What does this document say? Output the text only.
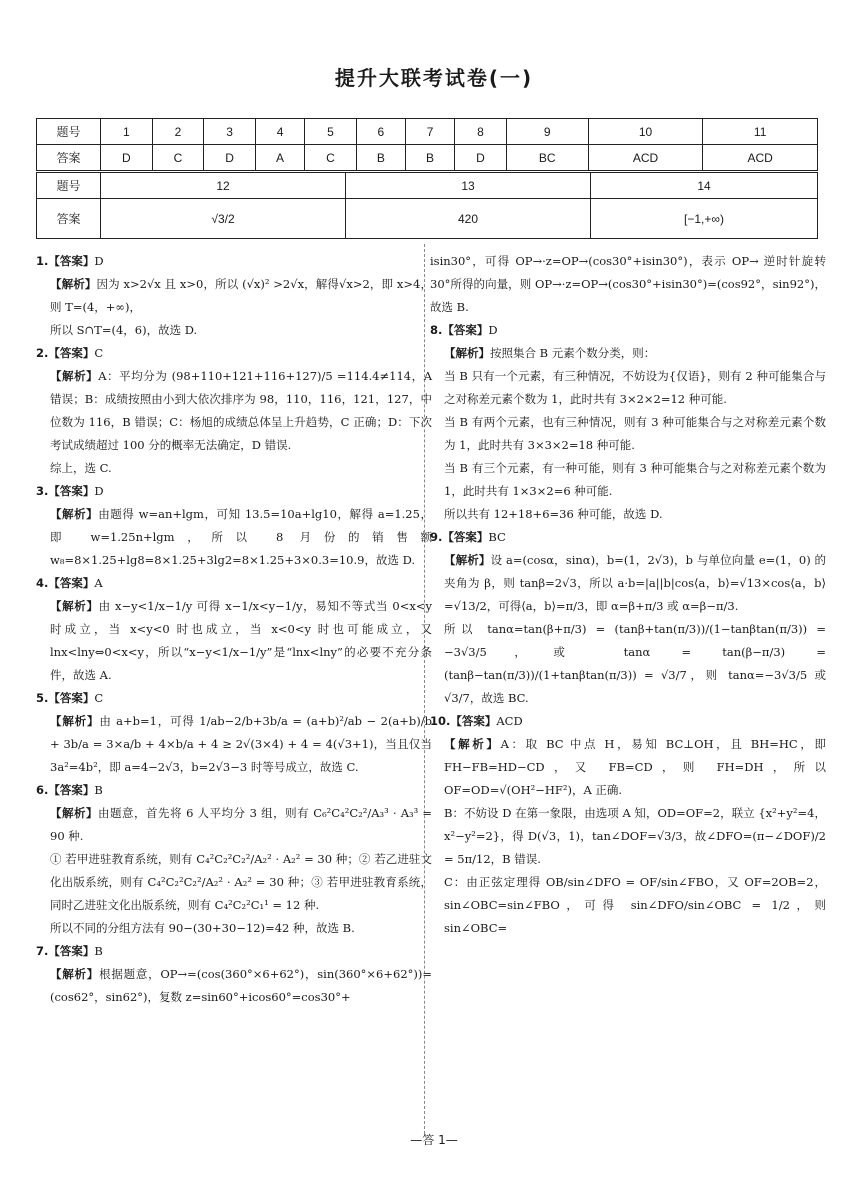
提升大联考试卷(一)
题号	1	2	3	4	5	6	7	8	9	10	11
答案	D	C	D	A	C	B	B	D	BC	ACD	ACD
题号	12	13	14
答案	√3/2	420	[−1,+∞)

1.【答案】D

【解析】因为 x>2√x 且 x>0，所以 (√x)² >2√x，解得√x>2，即 x>4，则 T=(4，+∞)，

所以 S∩T=(4，6)，故选 D.

2.【答案】C

【解析】A：平均分为 (98+110+121+116+127)/5 =114.4≠114，A 错误；B：成绩按照由小到大依次排序为 98，110，116，121，127，中位数为 116，B 错误；C：杨旭的成绩总体呈上升趋势，C 正确；D：下次考试成绩超过 100 分的概率无法确定，D 错误.

综上，选 C.

3.【答案】D

【解析】由题得 w=an+lgm，可知 13.5=10a+lg10，解得 a=1.25，即 w=1.25n+lgm，所以 8 月份的销售额 w₈=8×1.25+lg8=8×1.25+3lg2=8×1.25+3×0.3=10.9，故选 D.

4.【答案】A

【解析】由 x−y<1/x−1/y 可得 x−1/x<y−1/y，易知不等式当 0<x<y 时成立，当 x<y<0 时也成立，当 x<0<y 时也可能成立，又 lnx<lny⇔0<x<y，所以“x−y<1/x−1/y”是“lnx<lny”的必要不充分条件，故选 A.

5.【答案】C

【解析】由 a+b=1，可得 1/ab−2/b+3b/a = (a+b)²/ab − 2(a+b)/b + 3b/a = 3×a/b + 4×b/a + 4 ≥ 2√(3×4) + 4 = 4(√3+1)，当且仅当 3a²=4b²，即 a=4−2√3，b=2√3−3 时等号成立，故选 C.

6.【答案】B

【解析】由题意，首先将 6 人平均分 3 组，则有 C₆²C₄²C₂²/A₃³ · A₃³ = 90 种.

① 若甲进驻教育系统，则有 C₄²C₂²C₂²/A₂² · A₂² = 30 种；② 若乙进驻文化出版系统，则有 C₄²C₂²C₂²/A₂² · A₂² = 30 种；③ 若甲进驻教育系统，同时乙进驻文化出版系统，则有 C₄²C₂²C₁¹ = 12 种.

所以不同的分组方法有 90−(30+30−12)=42 种，故选 B.

7.【答案】B

【解析】根据题意，OP→=(cos(360°×6+62°)，sin(360°×6+62°))=(cos62°，sin62°)，复数 z=sin60°+icos60°=cos30°+

isin30°，可得 OP→·z=OP→(cos30°+isin30°)，表示 OP→ 逆时针旋转 30°所得的向量，则 OP→·z=OP→(cos30°+isin30°)=(cos92°，sin92°)，故选 B.

8.【答案】D

【解析】按照集合 B 元素个数分类，则：

当 B 只有一个元素，有三种情况，不妨设为{仅语}，则有 2 种可能集合与之对称差元素个数为 1，此时共有 3×2×2=12 种可能.

当 B 有两个元素，也有三种情况，则有 3 种可能集合与之对称差元素个数为 1，此时共有 3×3×2=18 种可能.

当 B 有三个元素，有一种可能，则有 3 种可能集合与之对称差元素个数为 1，此时共有 1×3×2=6 种可能.

所以共有 12+18+6=36 种可能，故选 D.

9.【答案】BC

【解析】设 a=(cosα，sinα)，b=(1，2√3)，b 与单位向量 e=(1，0) 的夹角为 β，则 tanβ=2√3，所以 a·b=|a||b|cos⟨a，b⟩=√13×cos⟨a，b⟩=√13/2，可得⟨a，b⟩=π/3，即 α=β+π/3 或 α=β−π/3.

所以 tanα=tan(β+π/3) = (tanβ+tan(π/3))/(1−tanβtan(π/3)) = −3√3/5，或 tanα = tan(β−π/3) = (tanβ−tan(π/3))/(1+tanβtan(π/3)) = √3/7，则 tanα=−3√3/5 或 √3/7，故选 BC.

10.【答案】ACD

【解析】A：取 BC 中点 H，易知 BC⊥OH，且 BH=HC，即 FH−FB=HD−CD，又 FB=CD，则 FH=DH，所以 OF=OD=√(OH²−HF²)，A 正确.

B：不妨设 D 在第一象限，由选项 A 知，OD=OF=2，联立 {x²+y²=4，x²−y²=2}，得 D(√3，1)，tan∠DOF=√3/3，故∠DFO=(π−∠DOF)/2 = 5π/12，B 错误.

C：由正弦定理得 OB/sin∠DFO = OF/sin∠FBO，又 OF=2OB=2，sin∠OBC=sin∠FBO，可得 sin∠DFO/sin∠OBC = 1/2，则 sin∠OBC=

—答 1—
